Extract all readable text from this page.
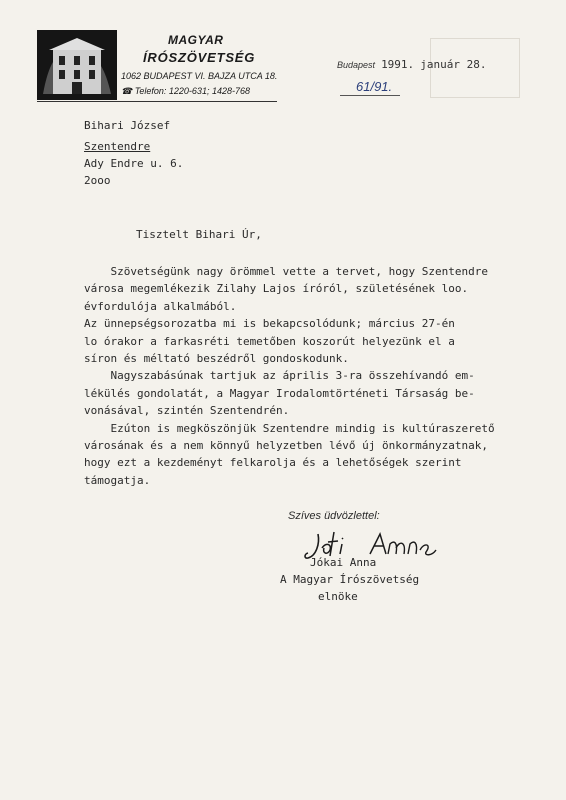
MAGYAR
ÍRÓSZÖVETSÉG
1062 BUDAPEST VI. BAJZA UTCA 18.
☎ Telefon: 1220-631; 1428-768
Budapest 1991. január 28.
61/91.
Bihari József
Szentendre
Ady Endre u. 6.
2ooo
Tisztelt Bihari Úr,
Szövetségünk nagy örömmel vette a tervet, hogy Szentendre
városa megemlékezik Zilahy Lajos íróról, születésének loo.
évfordulója alkalmából.
Az ünnepségsorozatba mi is bekapcsolódunk; március 27-én
lo órakor a farkasréti temetőben koszorút helyezünk el a
síron és méltató beszédről gondoskodunk.
Nagyszabásúnak tartjuk az április 3-ra összehívandó em-
lékülés gondolatát, a Magyar Irodalomtörténeti Társaság be-
vonásával, szintén Szentendrén.
Ezúton is megköszönjük Szentendre mindig is kultúraszerető
városának és a nem könnyű helyzetben lévő új önkormányzatnak,
hogy ezt a kezdeményt felkarolja és a lehetőségek szerint
támogatja.
Szíves üdvözlettel:
Jókai Anna
A Magyar Írószövetség
elnöke
